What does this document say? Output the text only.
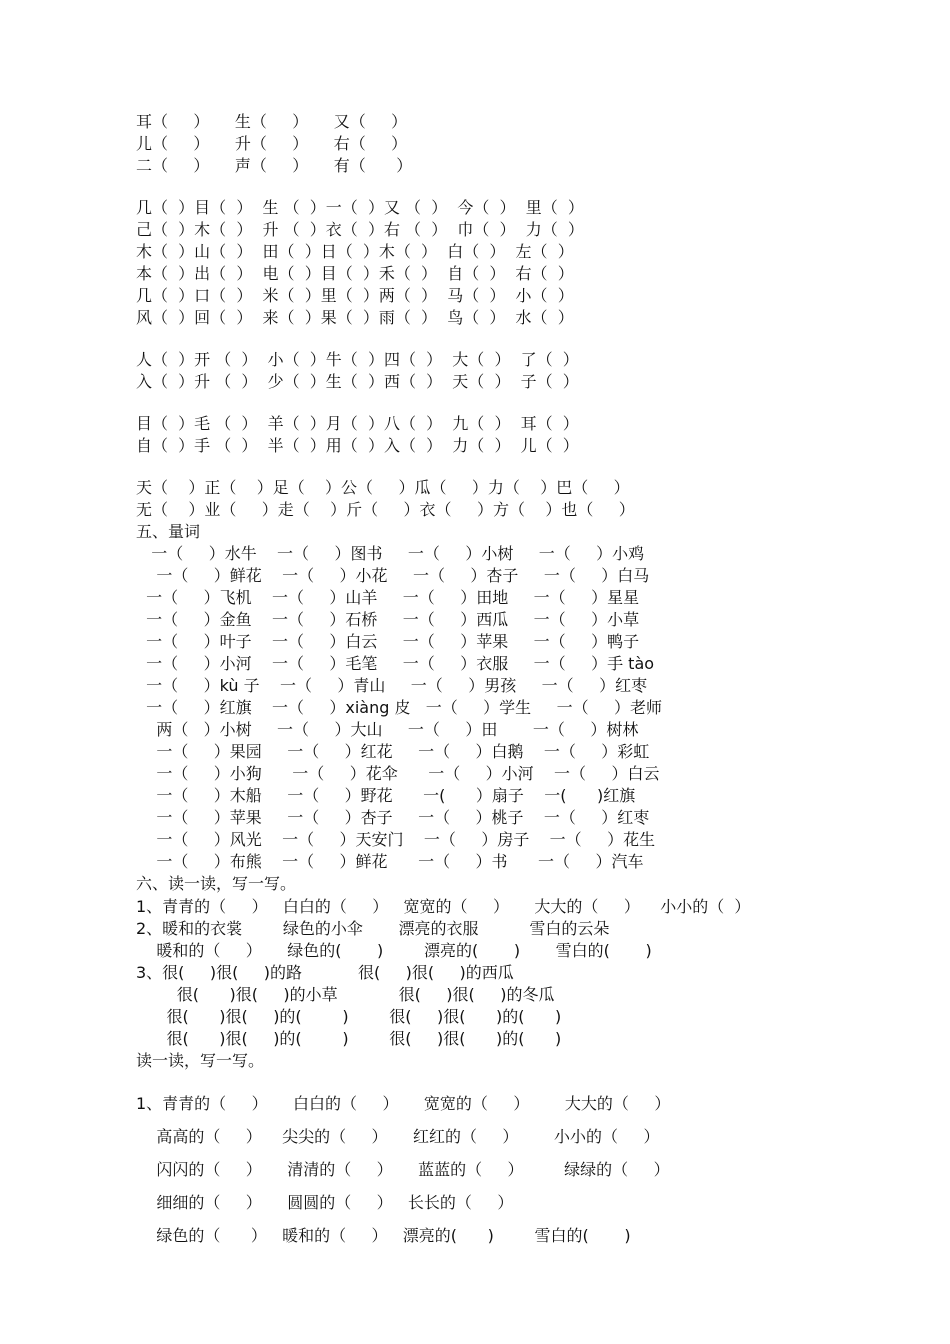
耳（     ）     生（     ）     又（     ）
儿（     ）     升（     ）     右（     ）
二（     ）     声（     ）     有（      ）
几（  ）目（  ）  生 （  ）一（  ）又 （  ）  今（  ）  里（  ）
己（  ）木（  ）  升 （  ）衣（  ）右 （  ）  巾（  ）  力（  ）
木（  ）山（  ）  田（  ）日（  ）木（  ）  白（  ）  左（  ）
本（  ）出（  ）  电（  ）目（  ）禾（  ）  自（  ）  右（  ）
几（  ）口（  ）  米（  ）里（  ）两（  ）  马（  ）  小（  ）
风（  ）回（  ）  来（  ）果（  ）雨（  ）  鸟（  ）  水（  ）
人（  ）开 （  ）  小（  ）牛（  ）四（  ）  大（  ）  了（  ）
入（  ）升 （  ）  少（  ）生（  ）西（  ）  天（  ）  子（  ）
目（  ）毛 （  ）  羊（  ）月（  ）八（  ）  九（  ）  耳（  ）
自（  ）手 （  ）  半（  ）用（  ）入（  ）  力（  ）  儿（  ）
天（    ）正（    ）足（    ）公（     ）瓜（     ）力（    ）巴（     ）
无（    ）业（     ）走（    ）斤（     ）衣（     ）方（    ）也（     ）
五、量词
一（     ）水牛    一（     ）图书     一（     ）小树     一（     ）小鸡
一（     ）鲜花    一（     ）小花     一（     ）杏子     一（     ）白马
一（     ）飞机    一（     ）山羊     一（     ）田地     一（     ）星星
一（     ）金鱼    一（     ）石桥     一（     ）西瓜     一（     ）小草
一（     ）叶子    一（     ）白云     一（     ）苹果     一（     ）鸭子
一（     ）小河    一（     ）毛笔     一（     ）衣服     一（     ）手 tào
一（     ）kù 子    一（     ）青山     一（     ）男孩     一（     ）红枣
一（     ）红旗    一（     ）xiàng 皮   一（     ）学生     一（     ）老师
两（   ）小树     一（     ）大山     一（     ）田       一（     ）树林
一（     ）果园     一（     ）红花     一（     ）白鹅    一（     ）彩虹
一（     ）小狗      一（     ）花伞      一（     ）小河    一（     ）白云
一（     ）木船     一（     ）野花      一(      ）扇子    一(      )红旗
一（     ）苹果     一（     ）杏子     一（     ）桃子    一（     ）红枣
一（     ）风光    一（     ）天安门    一（     ）房子    一（     ）花生
一（     ）布熊    一（     ）鲜花      一（     ）书      一（     ）汽车
六、读一读，写一写。
1、青青的（     ）   白白的（     ）   宽宽的（     ）     大大的（     ）    小小的（  ）
2、暖和的衣裳        绿色的小伞       漂亮的衣服          雪白的云朵
暖和的（     ）     绿色的(       )        漂亮的(       )       雪白的(       )
3、很(     )很(     )的路           很(     )很(     )的西瓜
很(      )很(     )的小草            很(     )很(     )的冬瓜
很(      )很(     )的(        )        很(     )很(      )的(      )
很(      )很(     )的(        )        很(     )很(      )的(      )
读一读，写一写。
1、青青的（     ）     白白的（     ）     宽宽的（     ）       大大的（     ）
高高的（     ）    尖尖的（     ）     红红的（     ）       小小的（     ）
闪闪的（     ）     清清的（     ）     蓝蓝的（     ）        绿绿的（     ）
细细的（     ）     圆圆的（     ）   长长的（     ）
绿色的（      ）   暖和的（     ）   漂亮的(      )        雪白的(       )
